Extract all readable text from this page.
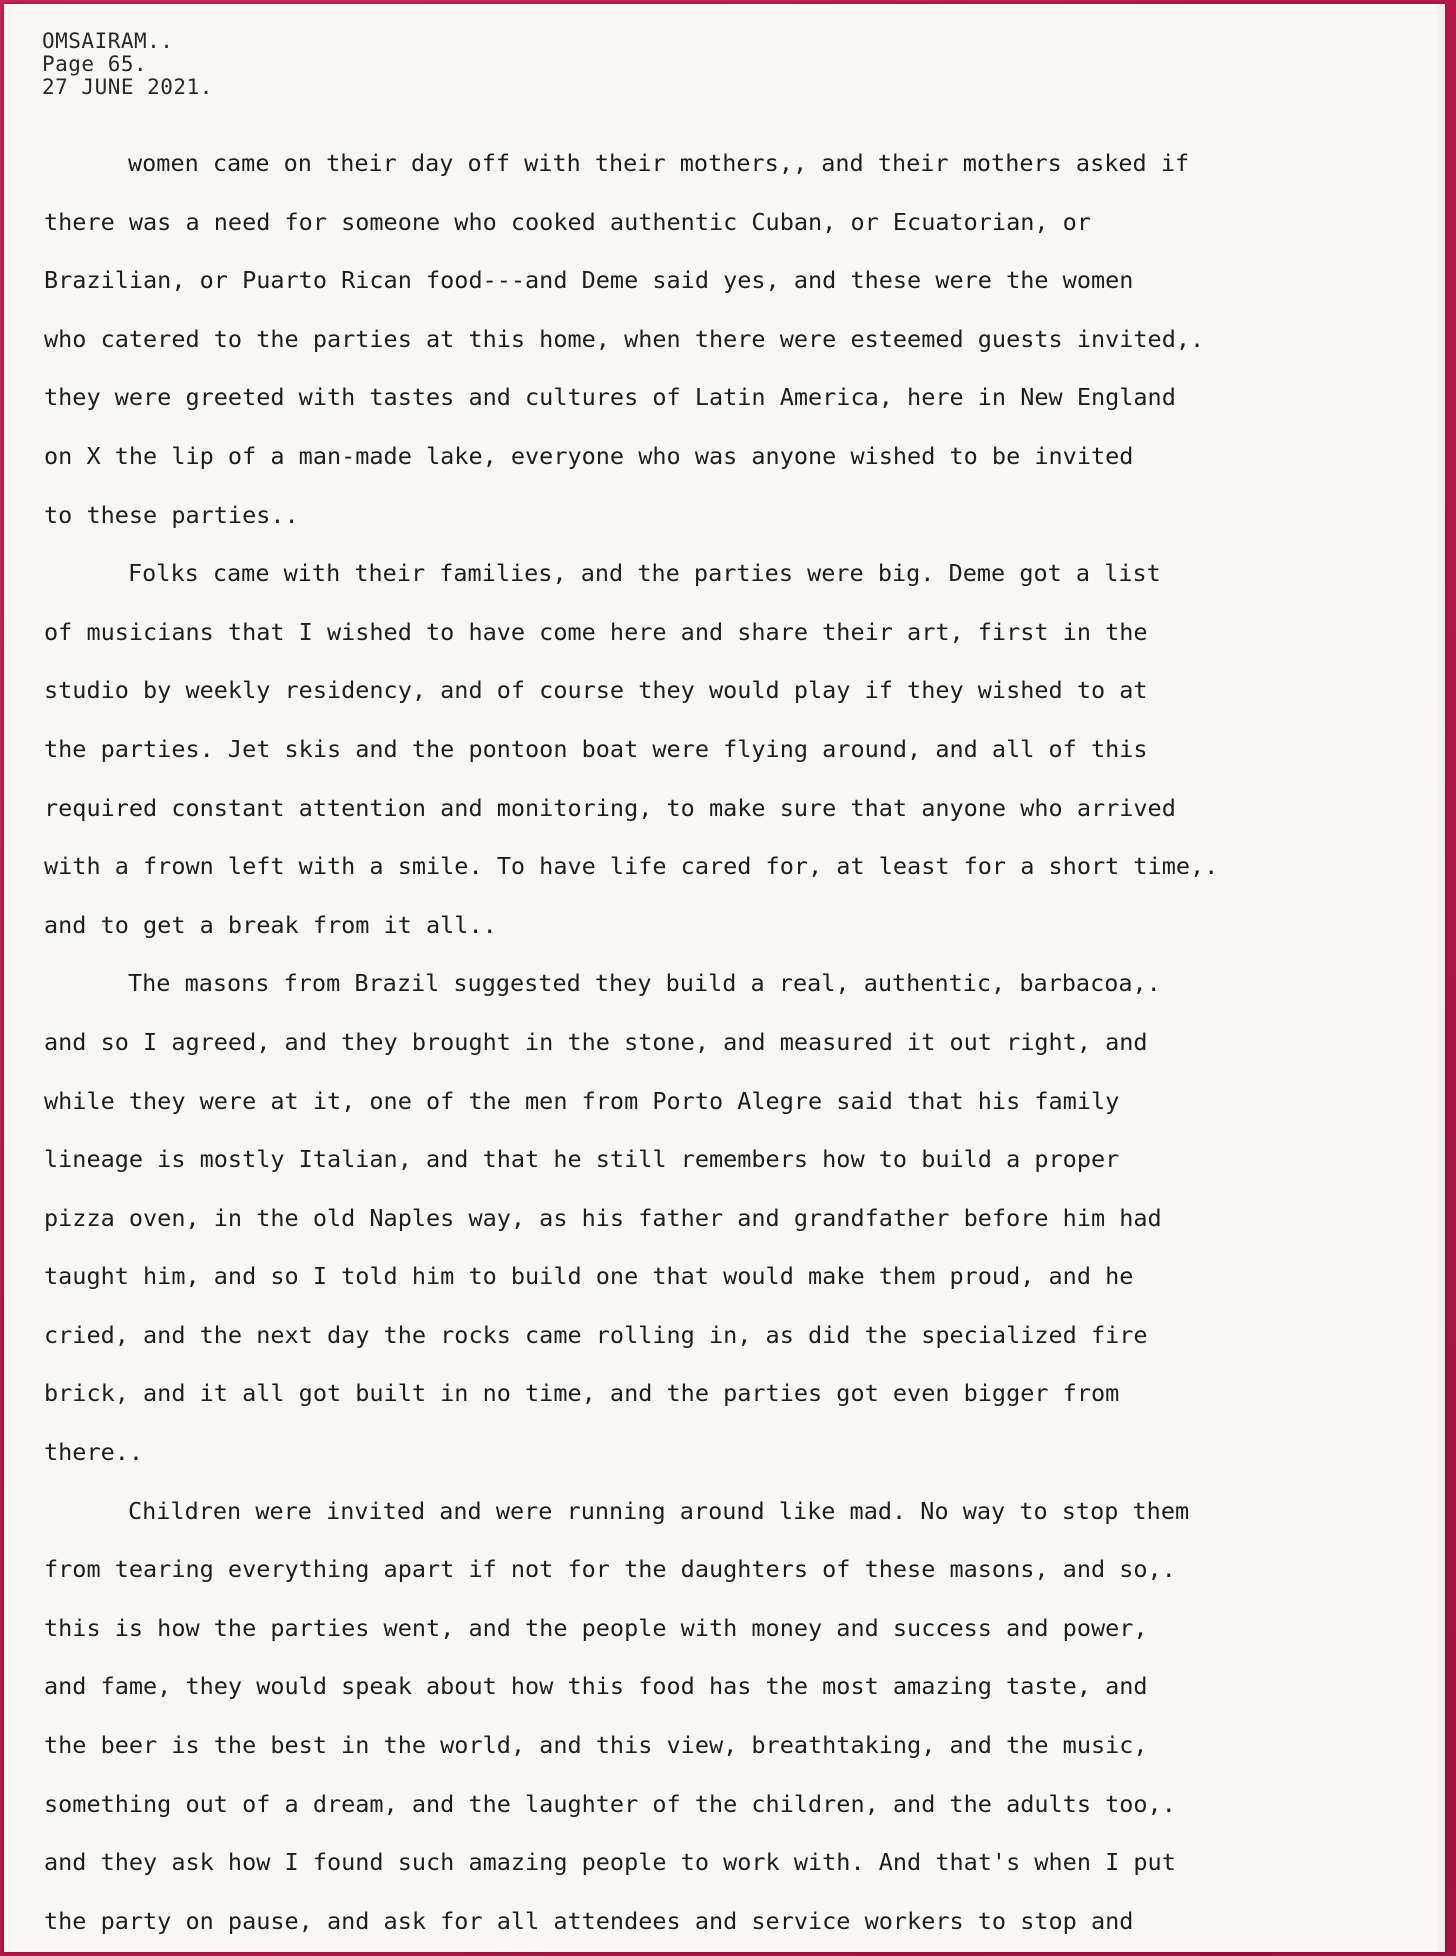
OMSAIRAM..
Page 65.
27 JUNE 2021.
women came on their day off with their mothers,, and their mothers asked if
there was a need for someone who cooked authentic Cuban, or Ecuatorian, or
Brazilian, or Puarto Rican food---and Deme said yes, and these were the women
who catered to the parties at this home, when there were esteemed guests invited,.
they were greeted with tastes and cultures of Latin America, here in New England
on X the lip of a man-made lake, everyone who was anyone wished to be invited
to these parties..
Folks came with their families, and the parties were big. Deme got a list
of musicians that I wished to have come here and share their art, first in the
studio by weekly residency, and of course they would play if they wished to at
the parties. Jet skis and the pontoon boat were flying around, and all of this
required constant attention and monitoring, to make sure that anyone who arrived
with a frown left with a smile. To have life cared for, at least for a short time,.
and to get a break from it all..
The masons from Brazil suggested they build a real, authentic, barbacoa,.
and so I agreed, and they brought in the stone, and measured it out right, and
while they were at it, one of the men from Porto Alegre said that his family
lineage is mostly Italian, and that he still remembers how to build a proper
pizza oven, in the old Naples way, as his father and grandfather before him had
taught him, and so I told him to build one that would make them proud, and he
cried, and the next day the rocks came rolling in, as did the specialized fire
brick, and it all got built in no time, and the parties got even bigger from
there..
Children were invited and were running around like mad. No way to stop them
from tearing everything apart if not for the daughters of these masons, and so,.
this is how the parties went, and the people with money and success and power,
and fame, they would speak about how this food has the most amazing taste, and
the beer is the best in the world, and this view, breathtaking, and the music,
something out of a dream, and the laughter of the children, and the adults too,.
and they ask how I found such amazing people to work with. And that's when I put
the party on pause, and ask for all attendees and service workers to stop and
